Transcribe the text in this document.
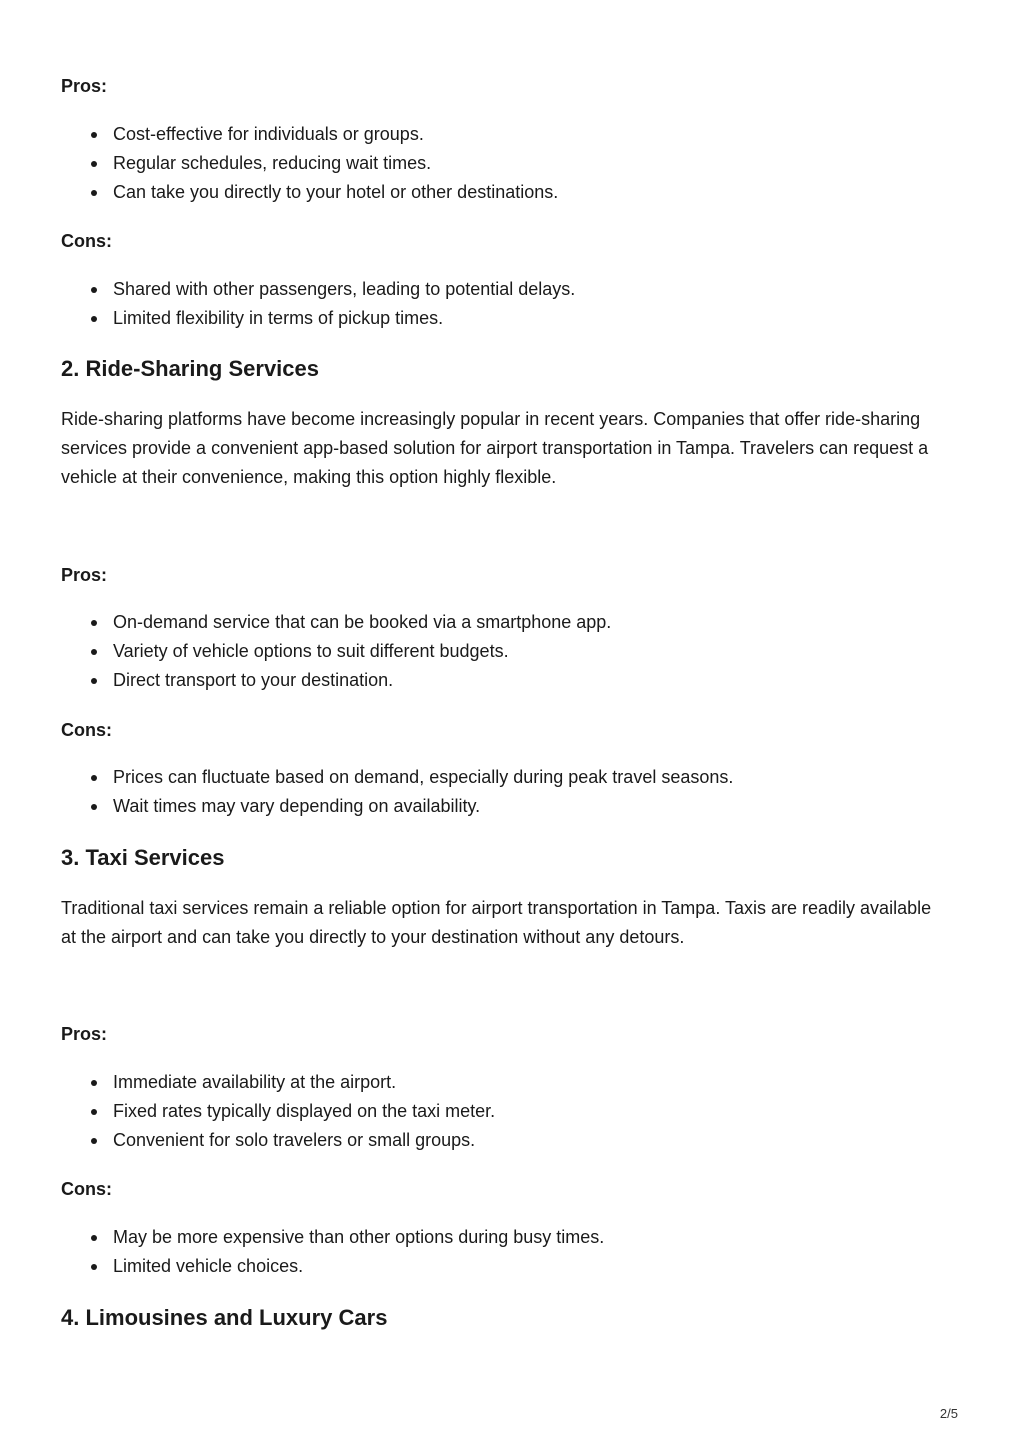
Pros:

Cost-effective for individuals or groups.
Regular schedules, reducing wait times.
Can take you directly to your hotel or other destinations.

Cons:

Shared with other passengers, leading to potential delays.
Limited flexibility in terms of pickup times.
2. Ride-Sharing Services

Ride-sharing platforms have become increasingly popular in recent years. Companies that offer ride-sharing services provide a convenient app-based solution for airport transportation in Tampa. Travelers can request a vehicle at their convenience, making this option highly flexible.

Pros:

On-demand service that can be booked via a smartphone app.
Variety of vehicle options to suit different budgets.
Direct transport to your destination.

Cons:

Prices can fluctuate based on demand, especially during peak travel seasons.
Wait times may vary depending on availability.
3. Taxi Services

Traditional taxi services remain a reliable option for airport transportation in Tampa. Taxis are readily available at the airport and can take you directly to your destination without any detours.

Pros:

Immediate availability at the airport.
Fixed rates typically displayed on the taxi meter.
Convenient for solo travelers or small groups.

Cons:

May be more expensive than other options during busy times.
Limited vehicle choices.
4. Limousines and Luxury Cars
2/5
